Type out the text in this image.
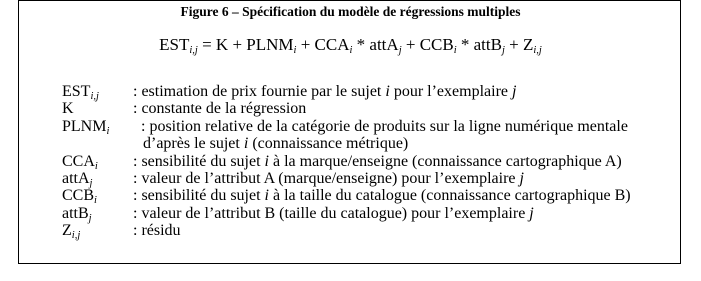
Figure 6 – Spécification du modèle de régressions multiples
$EST_{i,j} = K$ + $PLNM_i + CCA_i$ * attA$_j$ + $CCB_i$ * attB$_j$ + $Z_{i,j}$
$EST_{i,j}$ : estimation de prix fournie par le sujet i pour l’exemplaire j
K	: constante de la régression
$PLNM_i$ : position relative de la catégorie de produits sur la ligne numérique mentale
d’après le sujet i (connaissance métrique)
$CCA_i$ : sensibilité du sujet i à la marque/enseigne (connaissance cartographique A)
attA$_j$	: valeur de l’attribut A (marque/enseigne) pour l’exemplaire j
$CCB_i$ : sensibilité du sujet i à la taille du catalogue (connaissance cartographique B)
attB$_j$	: valeur de l’attribut B (taille du catalogue) pour l’exemplaire j
$Z_{i,j}$	: résidu
